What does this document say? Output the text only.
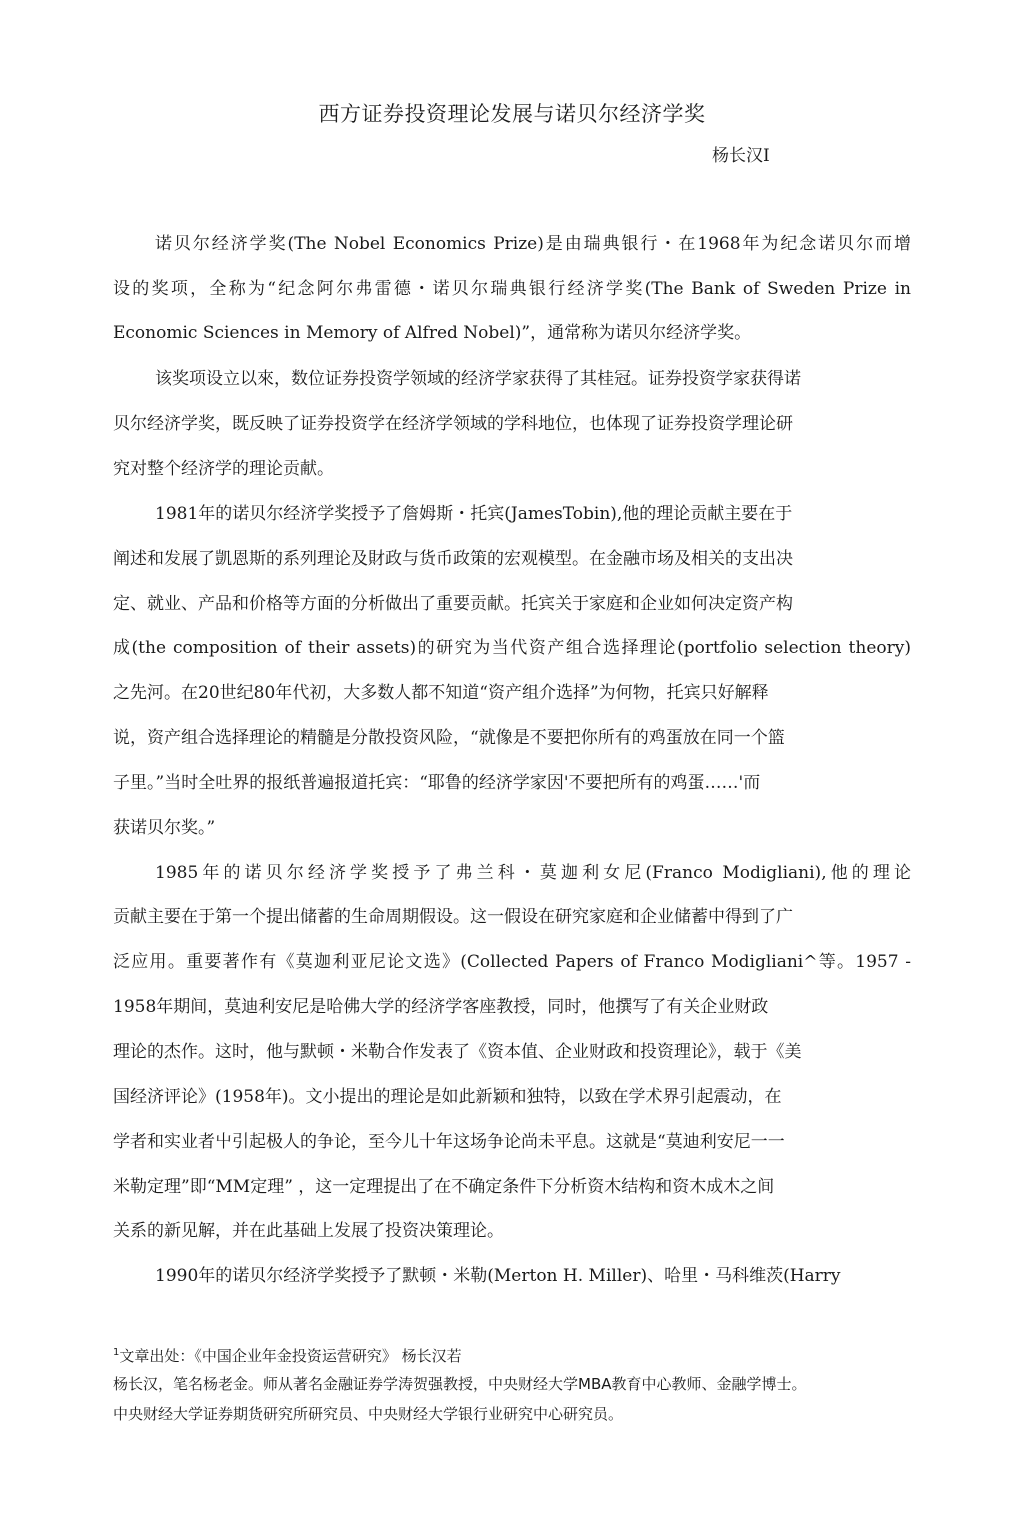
西方证券投资理论发展与诺贝尔经济学奖
杨长汉I
诺贝尔经济学奖(The Nobel Economics Prize)是由瑞典银行・在1968年为纪念诺贝尔而增
设的奖项，全称为“纪念阿尔弗雷德・诺贝尔瑞典银行经济学奖(The Bank of Sweden Prize in
Economic Sciences in Memory of Alfred Nobel)”，通常称为诺贝尔经济学奖。
该奖项设立以來，数位证券投资学领域的经济学家获得了其桂冠。证券投资学家获得诺
贝尔经济学奖，既反映了证券投资学在经济学领域的学科地位，也体现了证券投资学理论研
究对整个经济学的理论贡献。
1981年的诺贝尔经济学奖授予了詹姆斯・托宾(JamesTobin),他的理论贡献主要在于
阐述和发展了凱恩斯的系列理论及財政与货币政策的宏观模型。在金融市场及相关的支出决
定、就业、产品和价格等方面的分析做出了重要贡献。托宾关于家庭和企业如何决定资产构
成(the composition of their assets)的研究为当代资产组合选择理论(portfolio selection theory)
之先河。在20世纪80年代初，大多数人都不知道“资产组介选择”为何物，托宾只好解释
说，资产组合选择理论的精髓是分散投资风险，“就像是不要把你所有的鸡蛋放在同一个篮
子里。”当时全吐界的报纸普遍报道托宾：“耶鲁的经济学家因'不要把所有的鸡蛋……'而
获诺贝尔奖。”
1985年的诺贝尔经济学奖授予了弗兰科・莫迦利女尼(Franco Modigliani),他的理论
贡献主要在于第一个提出储蓄的生命周期假设。这一假设在研究家庭和企业储蓄中得到了广
泛应用。重要著作有《莫迦利亚尼论文选》(Collected Papers of Franco Modigliani^等。1957 -
1958年期间，莫迪利安尼是哈佛大学的经济学客座教授，同时，他撰写了有关企业财政
理论的杰作。这时，他与默顿・米勒合作发表了《资本值、企业财政和投资理论》，载于《美
国经济评论》(1958年)。文小提出的理论是如此新颖和独特，以致在学术界引起震动，在
学者和实业者屮引起极人的争论，至今儿十年这场争论尚未平息。这就是“莫迪利安尼一一
米勒定理”即“MM定理” ，这一定理提出了在不确定条件下分析资木结构和资木成木之间
关系的新见解，并在此基础上发展了投资决策理论。
1990年的诺贝尔经济学奖授予了默顿・米勒(Merton H. Miller)、哈里・马科维茨(Harry
$^1$文章出处：《中国企业年金投资运营研究》 杨长汉若
杨长汉，笔名杨老金。师从著名金融证券学涛贺强教授，中央财经大学MBA教育中心教师、金融学博士。
中央财经大学证券期货研究所研究员、中央财经大学银行业研究中心研究员。
